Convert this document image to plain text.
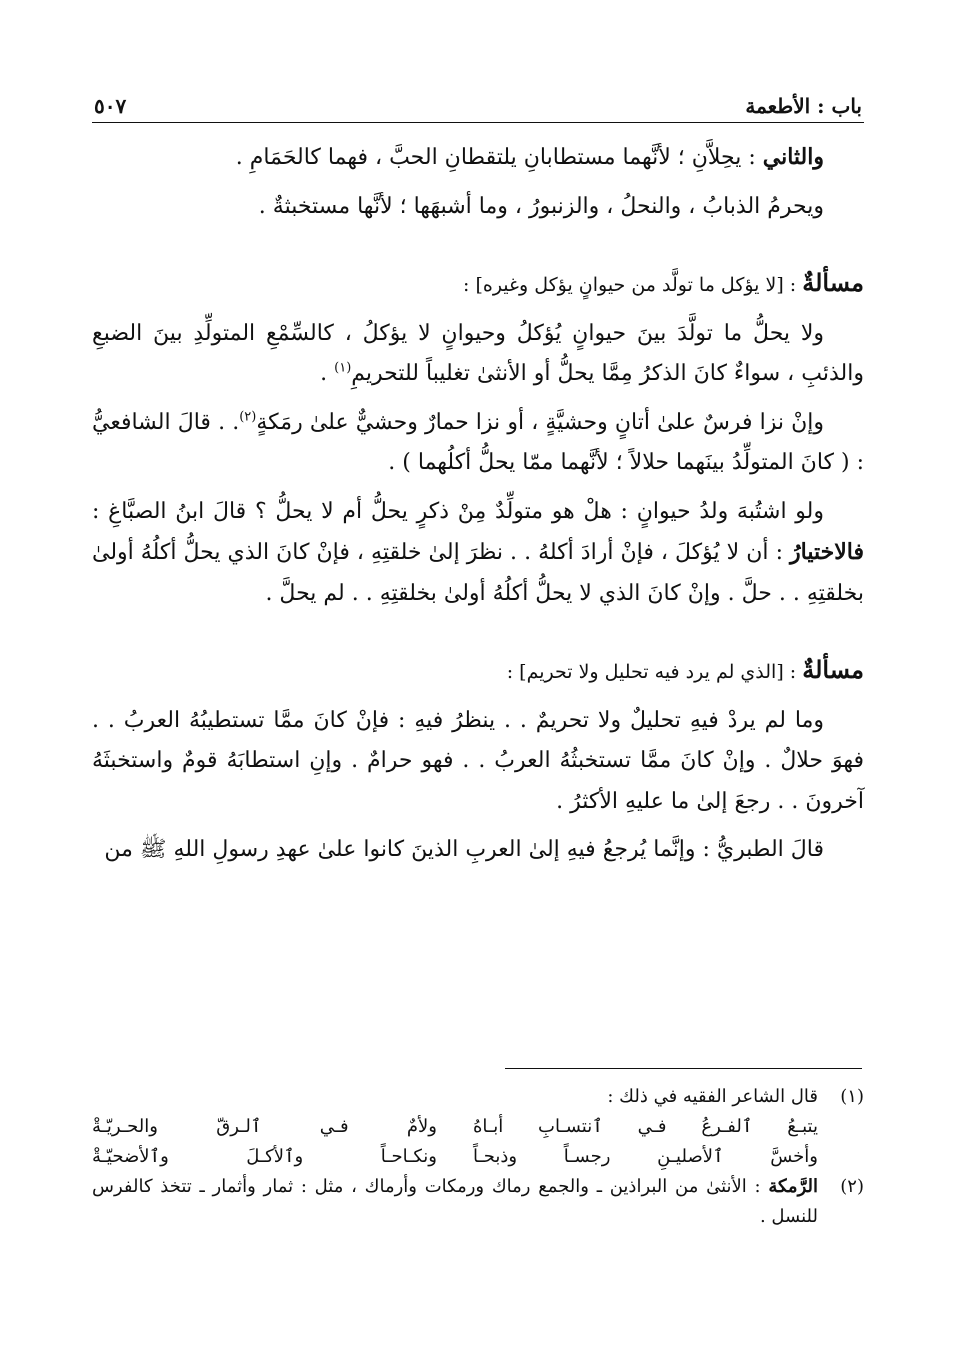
باب : الأطعمة
٥٠٧

والثاني : يحِلاَّنِ ؛ لأنَّهما مستطابانِ يلتقطانِ الحبَّ ، فهما كالحَمَامِ .

ويحرمُ الذبابُ ، والنحلُ ، والزنبورُ ، وما أشبهَها ؛ لأنَّها مستخبثةٌ .

مسألةٌ : [لا يؤكل ما تولَّد من حيوانٍ يؤكل وغيره] :

ولا يحلُّ ما تولَّدَ بينَ حيوانٍ يُؤكلُ وحيوانٍ لا يؤكلُ ، كالسِّمْعِ المتولِّدِ بينَ الضبعِ والذئبِ ، سواءٌ كانَ الذكرُ مِمَّا يحلُّ أو الأنثىٰ تغليباً للتحريمِ$^{(١)}$ .

وإنْ نزا فرسٌ علىٰ أتانٍ وحشيَّةٍ ، أو نزا حمارٌ وحشيٌّ علىٰ رمَكةٍ$^{(٢)}$. . قالَ الشافعيُّ : ( كانَ المتولِّدُ بينَهما حلالاً ؛ لأنَّهما ممّا يحلُّ أكلُهما ) .

ولو اشتُبهَ ولدُ حيوانٍ : هلْ هو متولِّدٌ مِنْ ذكرٍ يحلُّ أم لا يحلُّ ؟ قالَ ابنُ الصبَّاغِ : فالاختيارُ : أن لا يُؤكلَ ، فإنْ أرادَ أكلهُ . . نظرَ إلىٰ خلقتِهِ ، فإنْ كانَ الذي يحلُّ أكلُهُ أولىٰ بخلقتِهِ . . حلَّ . وإنْ كانَ الذي لا يحلُّ أكلُهُ أولىٰ بخلقتِهِ . . لم يحلَّ .

مسألةٌ : [الذي لم يرد فيه تحليل ولا تحريم] :

وما لم يردْ فيهِ تحليلٌ ولا تحريمٌ . . ينظرُ فيهِ : فإنْ كانَ ممَّا تستطيبُهُ العربُ . . فهوَ حلالٌ . وإنْ كانَ ممَّا تستخبثُهُ العربُ . . فهو حرامٌ . وإنِ استطابَهُ قومٌ واستخبثَهُ آخرونَ . . رجعَ إلىٰ ما عليهِ الأكثرُ .

قالَ الطبريُّ : وإنَّما يُرجعُ فيهِ إلىٰ العربِ الذينَ كانوا علىٰ عهدِ رسولِ اللهِ ﷺ من

(١)
قال الشاعر الفقيه في ذلك :
يتبـعُ ٱلفـرعُ فـي ٱنتسـابِ أبـاهُ
ولأمٌ فـي ٱلـرقّ والحـريّـةْ
وأخسَّ ٱلأصليـنِ رجسـاً وذبحـاً
ونكـاحـاً وٱلأكـلَ وٱلأضحيّـةْ
(٢)
الرَّمكة : الأنثىٰ من البراذين ـ والجمع رماك ورمكات وأرماك ، مثل : ثمار وأثمار ـ تتخذ كالفرس للنسل .
